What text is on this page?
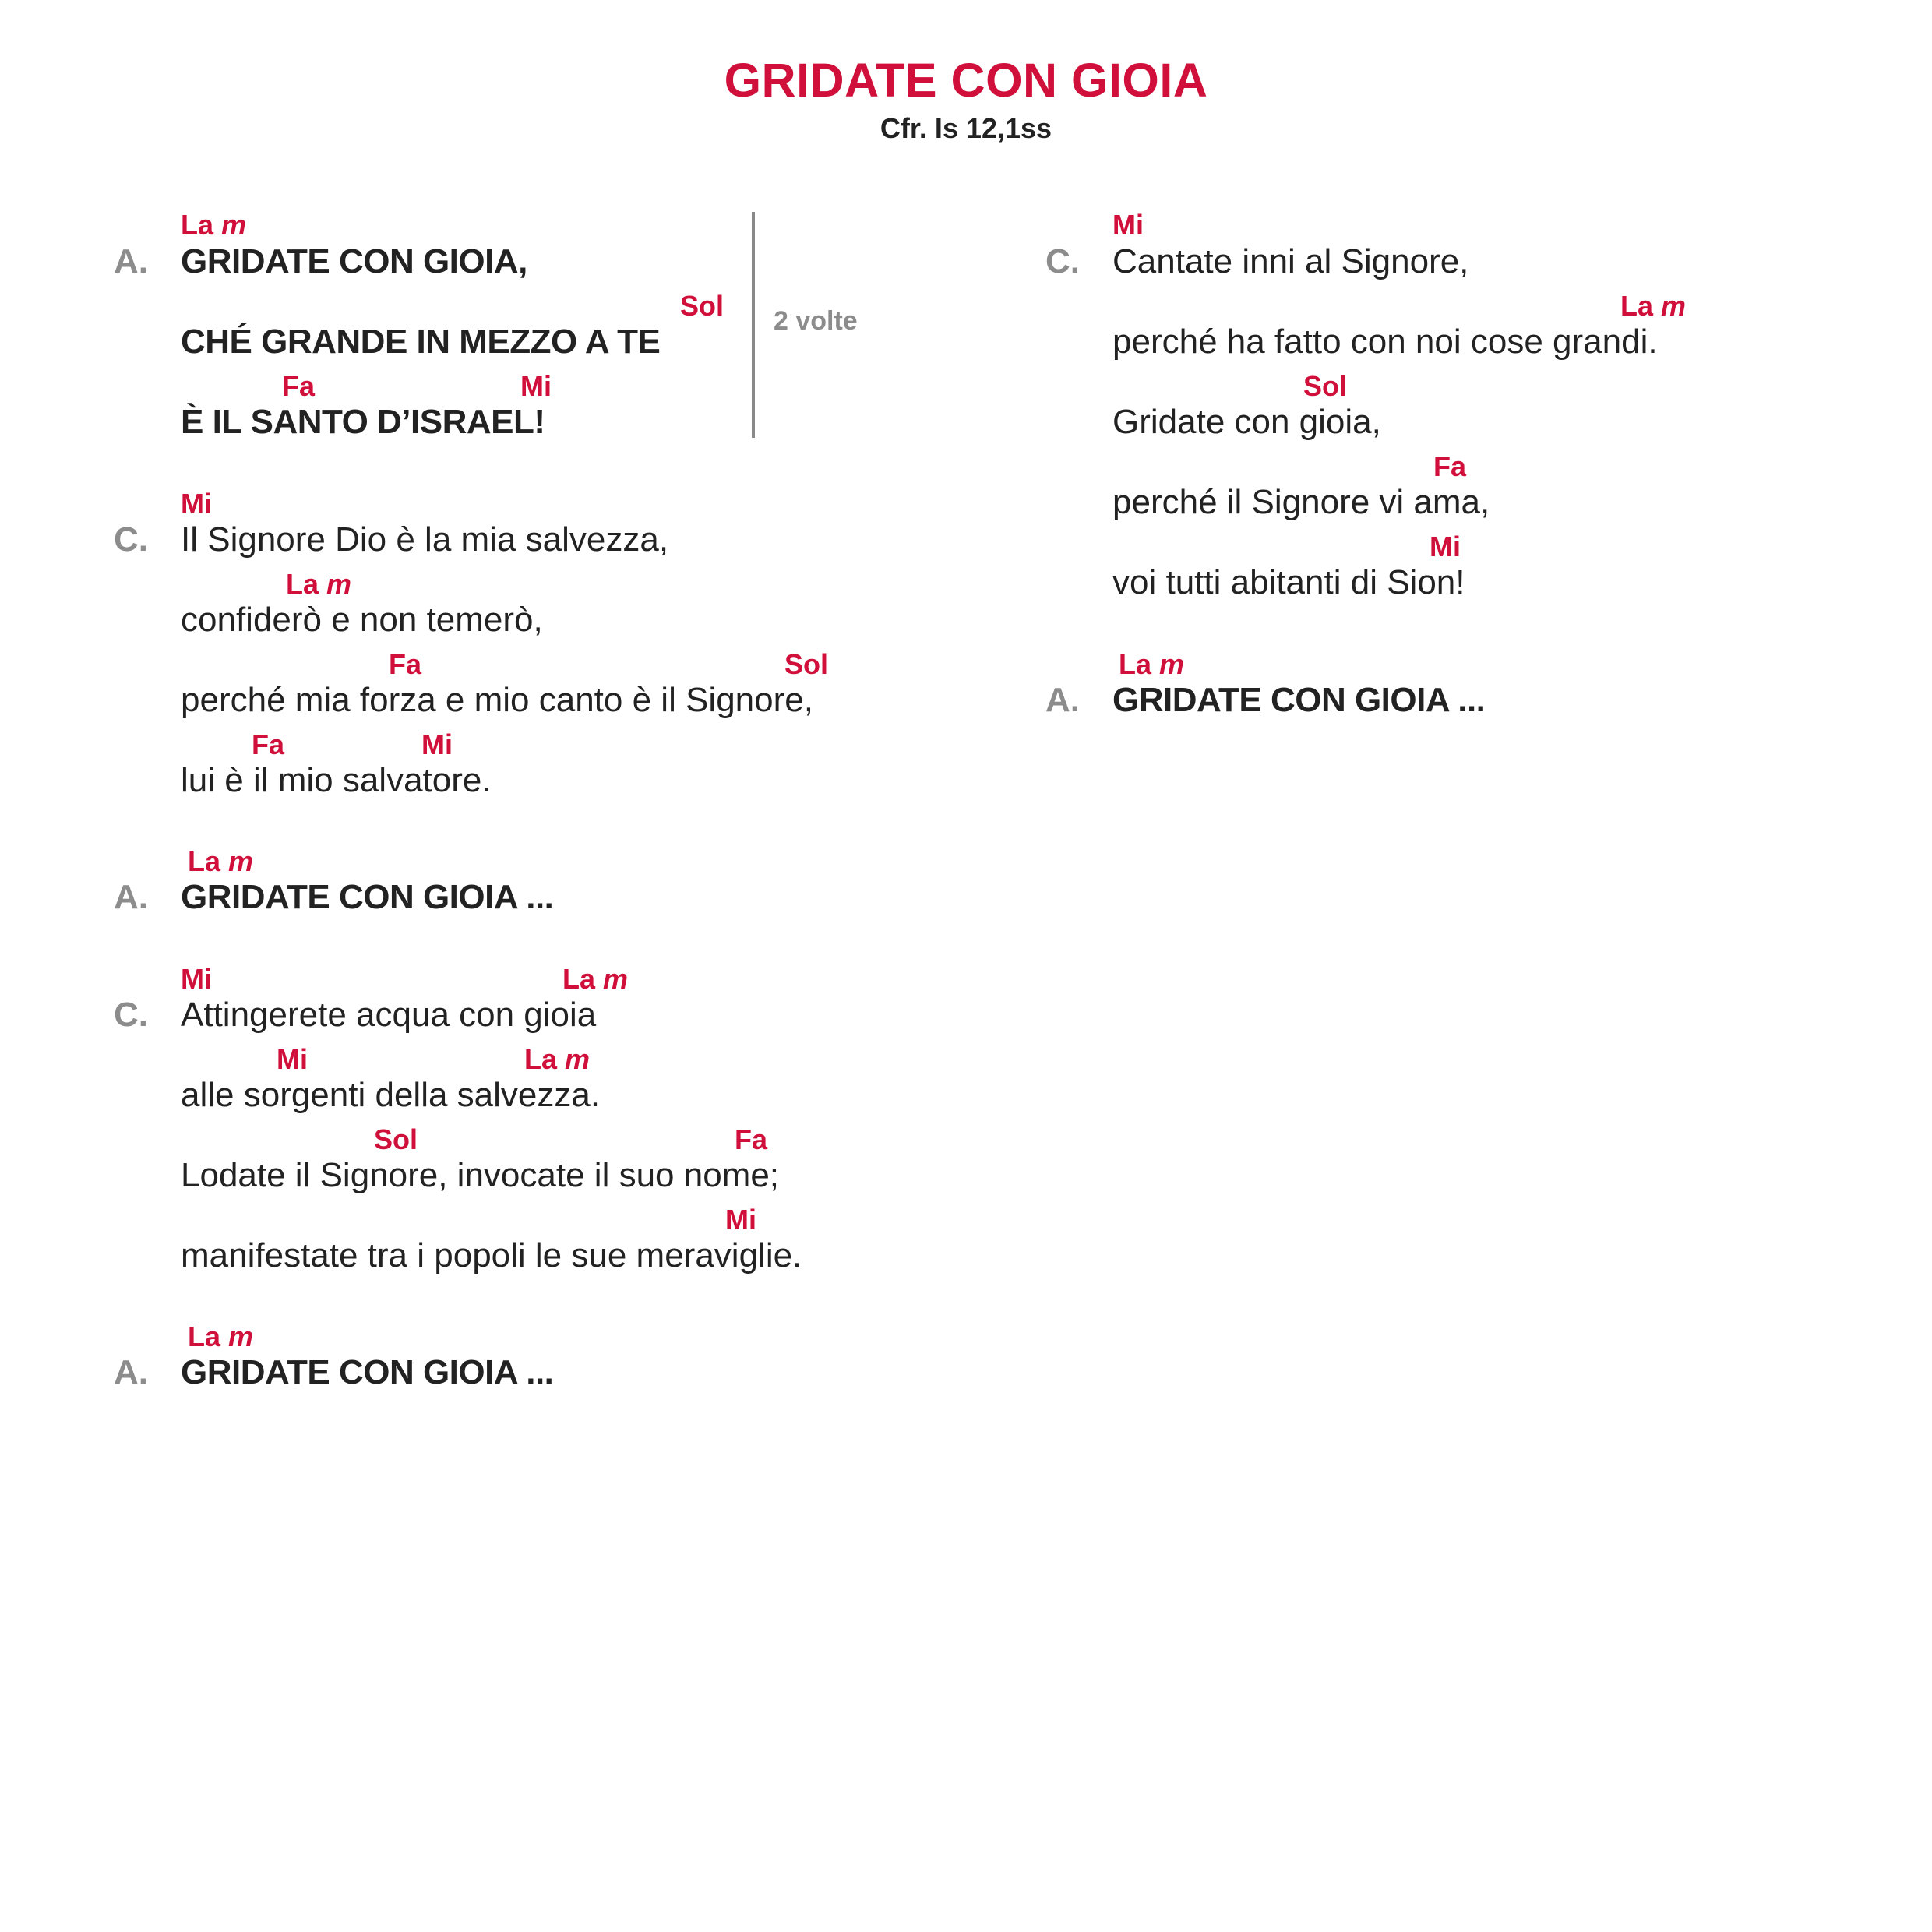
GRIDATE CON GIOIA
Cfr. Is 12,1ss
A.
La m
GRIDATE CON GIOIA,
Sol
CHÉ GRANDE IN MEZZO A TE
Fa	Mi
È IL SANTO D’ISRAEL!
2 volte
C.
Mi
Il Signore Dio è la mia salvezza,
La m
confiderò e non temerò,
Fa	Sol
perché mia forza e mio canto è il Signore,
Fa	Mi
lui è il mio salvatore.
A.
La m
GRIDATE CON GIOIA ...
C.
Mi	La m
Attingerete acqua con gioia
Mi	La m
alle sorgenti della salvezza.
Sol	Fa
Lodate il Signore, invocate il suo nome;
Mi
manifestate tra i popoli le sue meraviglie.
A.
La m
GRIDATE CON GIOIA ...
C.
Mi
Cantate inni al Signore,
La m
perché ha fatto con noi cose grandi.
Sol
Gridate con gioia,
Fa
perché il Signore vi ama,
Mi
voi tutti abitanti di Sion!
A.
La m
GRIDATE CON GIOIA ...
